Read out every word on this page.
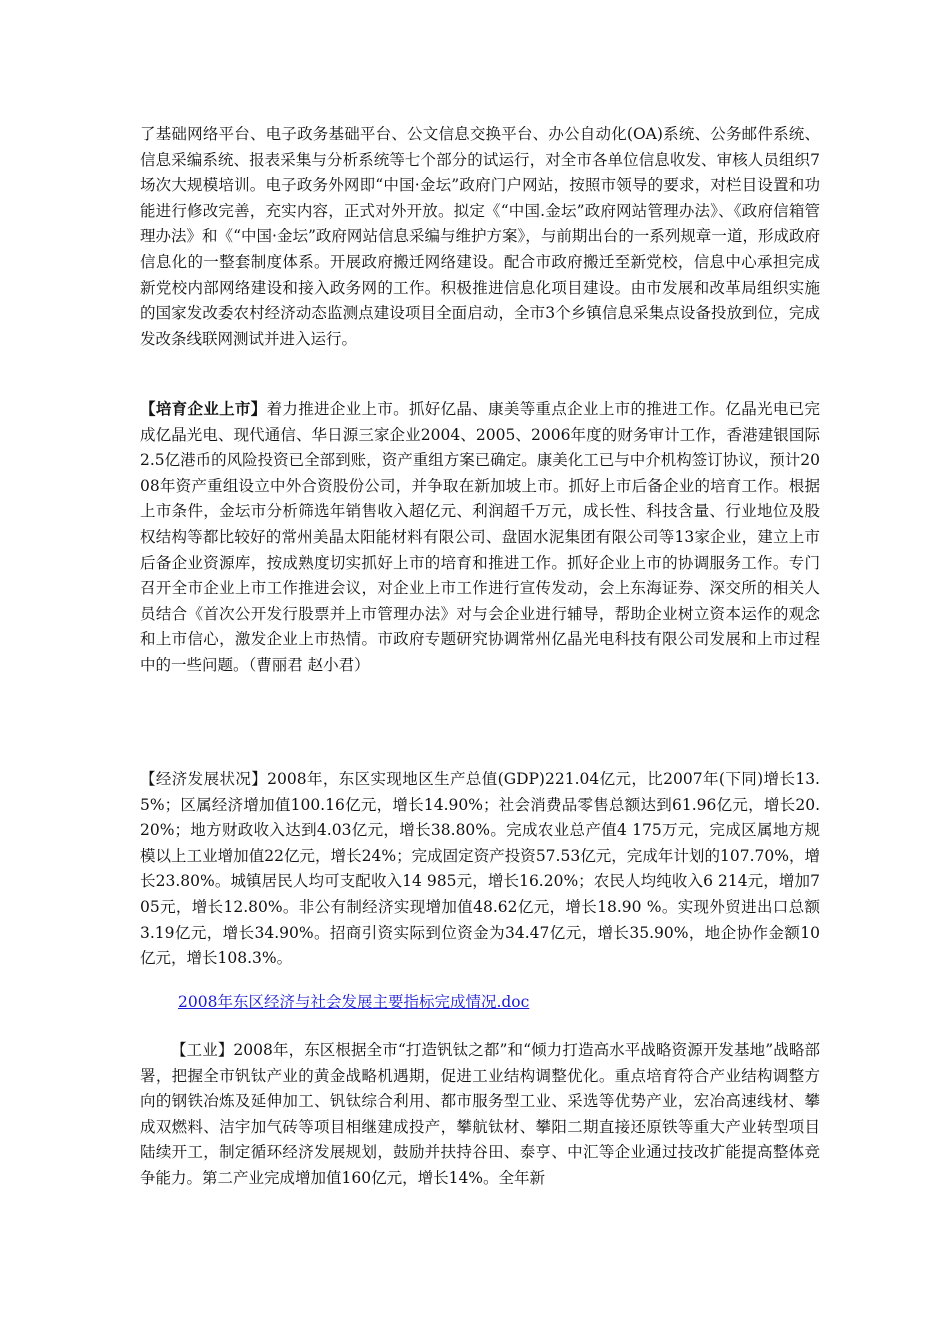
了基础网络平台、电子政务基础平台、公文信息交换平台、办公自动化(OA)系统、公务邮件系统、信息采编系统、报表采集与分析系统等七个部分的试运行，对全市各单位信息收发、审核人员组织7场次大规模培训。电子政务外网即“中国·金坛”政府门户网站，按照市领导的要求，对栏目设置和功能进行修改完善，充实内容，正式对外开放。拟定《“中国.金坛”政府网站管理办法》、《政府信箱管理办法》和《“中国·金坛”政府网站信息采编与维护方案》，与前期出台的一系列规章一道，形成政府信息化的一整套制度体系。开展政府搬迁网络建设。配合市政府搬迁至新党校，信息中心承担完成新党校内部网络建设和接入政务网的工作。积极推进信息化项目建设。由市发展和改革局组织实施的国家发改委农村经济动态监测点建设项目全面启动，全市3个乡镇信息采集点设备投放到位，完成发改条线联网测试并进入运行。

【培育企业上市】着力推进企业上市。抓好亿晶、康美等重点企业上市的推进工作。亿晶光电已完成亿晶光电、现代通信、华日源三家企业2004、2005、2006年度的财务审计工作，香港建银国际2.5亿港币的风险投资已全部到账，资产重组方案已确定。康美化工已与中介机构签订协议，预计2008年资产重组设立中外合资股份公司，并争取在新加坡上市。抓好上市后备企业的培育工作。根据上市条件，金坛市分析筛选年销售收入超亿元、利润超千万元，成长性、科技含量、行业地位及股权结构等都比较好的常州美晶太阳能材料有限公司、盘固水泥集团有限公司等13家企业，建立上市后备企业资源库，按成熟度切实抓好上市的培育和推进工作。抓好企业上市的协调服务工作。专门召开全市企业上市工作推进会议，对企业上市工作进行宣传发动，会上东海证券、深交所的相关人员结合《首次公开发行股票并上市管理办法》对与会企业进行辅导，帮助企业树立资本运作的观念和上市信心，激发企业上市热情。市政府专题研究协调常州亿晶光电科技有限公司发展和上市过程中的一些问题。（曹丽君 赵小君）

【经济发展状况】2008年，东区实现地区生产总值(GDP)221.04亿元，比2007年(下同)增长13.5%；区属经济增加值100.16亿元，增长14.90%；社会消费品零售总额达到61.96亿元，增长20.20%；地方财政收入达到4.03亿元，增长38.80%。完成农业总产值4 175万元，完成区属地方规模以上工业增加值22亿元，增长24%；完成固定资产投资57.53亿元，完成年计划的107.70%，增长23.80%。城镇居民人均可支配收入14 985元，增长16.20%；农民人均纯收入6 214元，增加705元，增长12.80%。非公有制经济实现增加值48.62亿元，增长18.90 %。实现外贸进出口总额3.19亿元，增长34.90%。招商引资实际到位资金为34.47亿元，增长35.90%，地企协作金额10亿元，增长108.3%。

2008年东区经济与社会发展主要指标完成情况.doc

【工业】2008年，东区根据全市“打造钒钛之都”和“倾力打造高水平战略资源开发基地”战略部署，把握全市钒钛产业的黄金战略机遇期，促进工业结构调整优化。重点培育符合产业结构调整方向的钢铁冶炼及延伸加工、钒钛综合利用、都市服务型工业、采选等优势产业，宏冶高速线材、攀成双燃料、洁宇加气砖等项目相继建成投产，攀航钛材、攀阳二期直接还原铁等重大产业转型项目陆续开工，制定循环经济发展规划，鼓励并扶持谷田、泰亨、中汇等企业通过技改扩能提高整体竞争能力。第二产业完成增加值160亿元，增长14%。全年新
